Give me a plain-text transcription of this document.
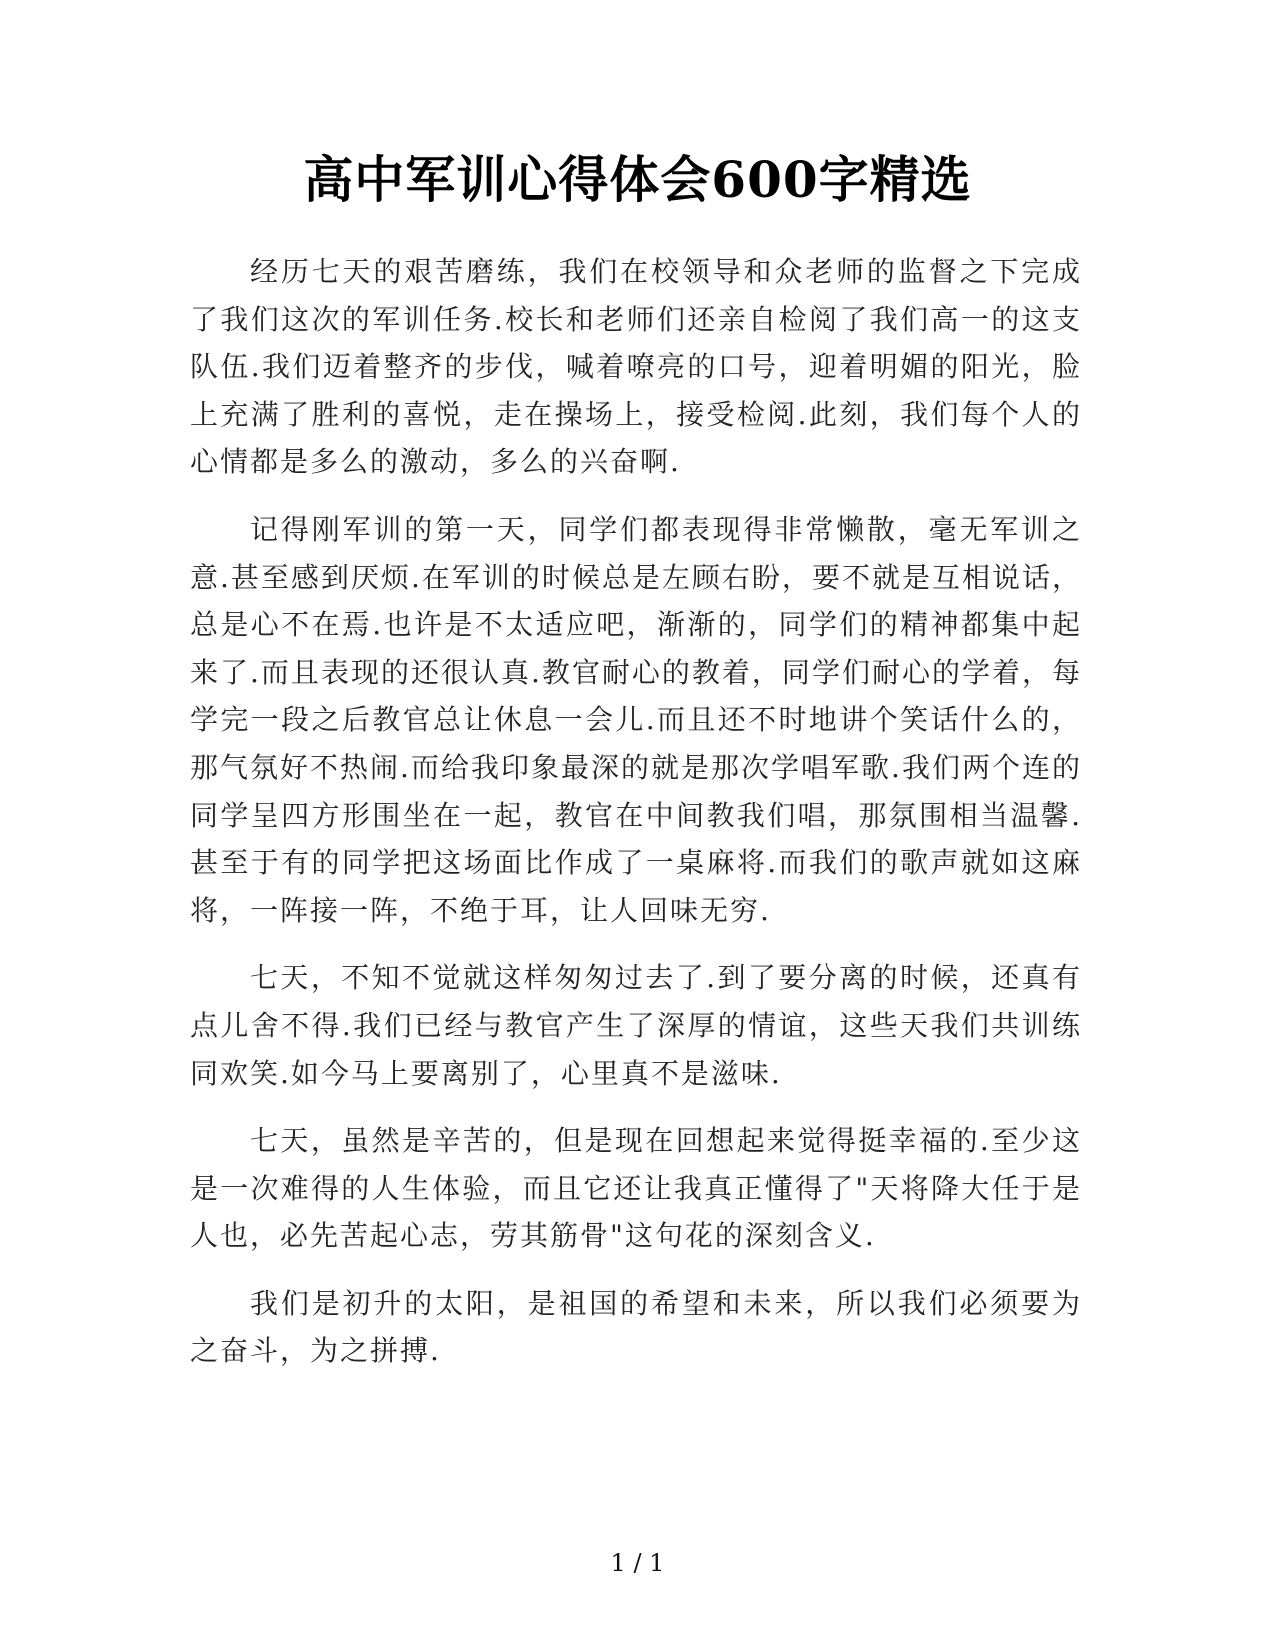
高中军训心得体会600字精选

经历七天的艰苦磨练，我们在校领导和众老师的监督之下完成了我们这次的军训任务.校长和老师们还亲自检阅了我们高一的这支队伍.我们迈着整齐的步伐，喊着嘹亮的口号，迎着明媚的阳光，脸上充满了胜利的喜悦，走在操场上，接受检阅.此刻，我们每个人的心情都是多么的激动，多么的兴奋啊.

记得刚军训的第一天，同学们都表现得非常懒散，毫无军训之意.甚至感到厌烦.在军训的时候总是左顾右盼，要不就是互相说话，总是心不在焉.也许是不太适应吧，渐渐的，同学们的精神都集中起来了.而且表现的还很认真.教官耐心的教着，同学们耐心的学着，每学完一段之后教官总让休息一会儿.而且还不时地讲个笑话什么的，那气氛好不热闹.而给我印象最深的就是那次学唱军歌.我们两个连的同学呈四方形围坐在一起，教官在中间教我们唱，那氛围相当温馨.甚至于有的同学把这场面比作成了一桌麻将.而我们的歌声就如这麻将，一阵接一阵，不绝于耳，让人回味无穷.

七天，不知不觉就这样匆匆过去了.到了要分离的时候，还真有点儿舍不得.我们已经与教官产生了深厚的情谊，这些天我们共训练同欢笑.如今马上要离别了，心里真不是滋味.

七天，虽然是辛苦的，但是现在回想起来觉得挺幸福的.至少这是一次难得的人生体验，而且它还让我真正懂得了"天将降大任于是人也，必先苦起心志，劳其筋骨"这句花的深刻含义.

我们是初升的太阳，是祖国的希望和未来，所以我们必须要为之奋斗，为之拼搏.

1 / 1
